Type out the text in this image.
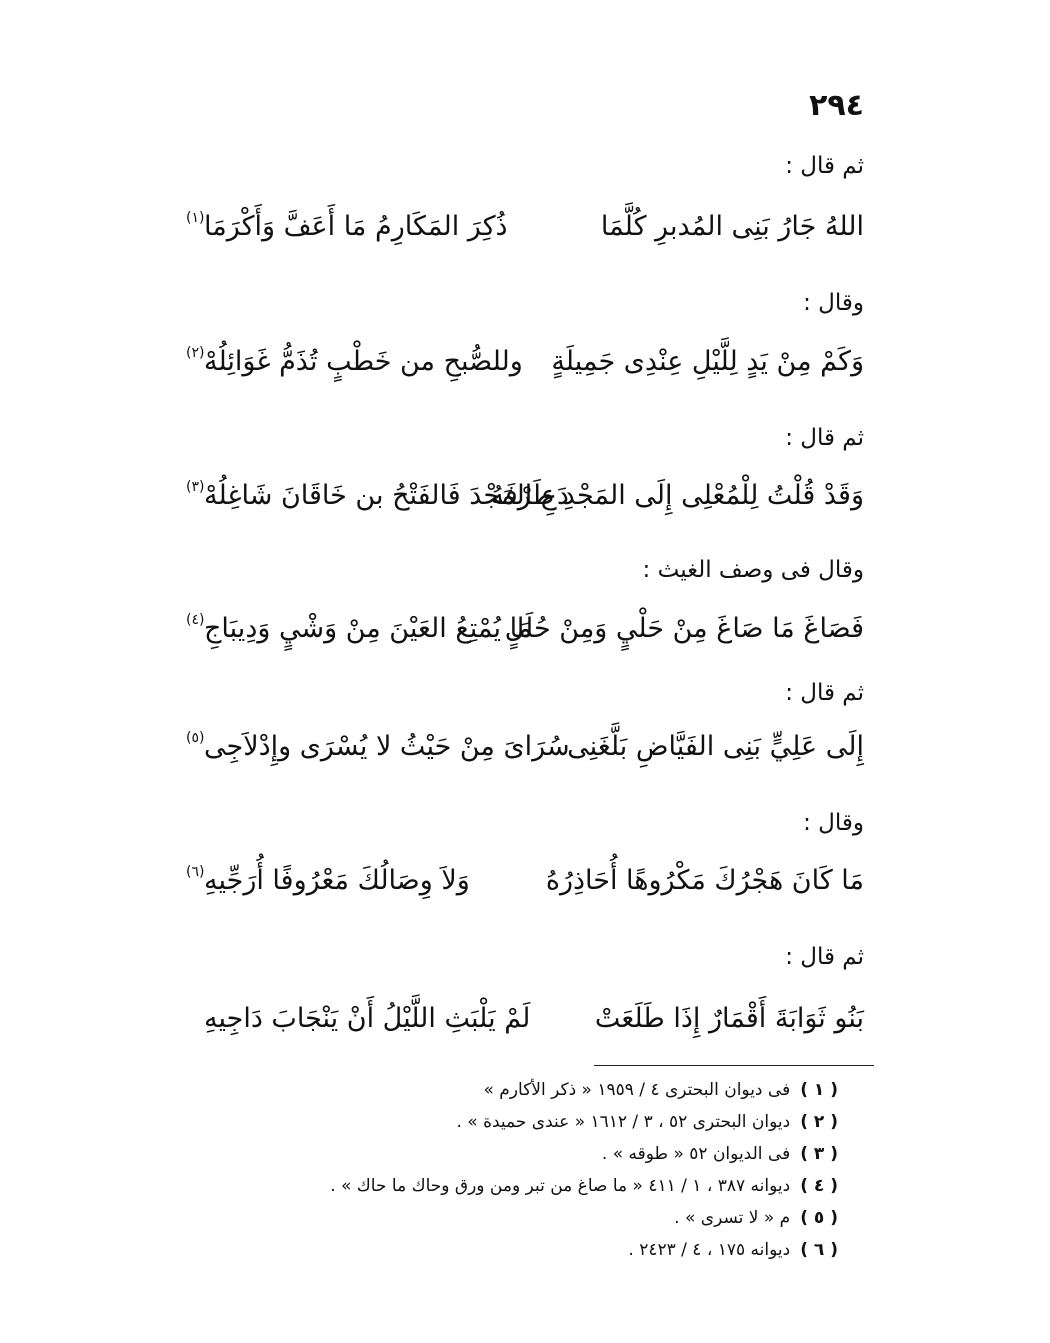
٢٩٤
ثم قال :
اللهُ جَارُ بَنِى المُدبرِ كُلَّمَا
ذُكِرَ المَكَارِمُ مَا أَعَفَّ وَأَكْرَمَا
(١)
وقال :
وَكَمْ مِنْ يَدٍ لِلَّيْلِ عِنْدِى جَمِيلَةٍ
وللصُّبحِ من خَطْبٍ تُذَمُّ غَوَائِلُهْ
(٢)
ثم قال :
وَقَدْ قُلْتُ لِلْمُعْلِى إِلَى المَجْدِ طَرْفَهُ
دَعِ المَجْدَ فَالفَتْحُ بن خَاقَانَ شَاغِلُهْ
(٣)
وقال فى وصف الغيث :
فَصَاغَ مَا صَاغَ مِنْ حَلْيٍ وَمِنْ حُلَلٍ
مَا يُمْتِعُ العَيْنَ مِنْ وَشْيٍ وَدِيبَاجِ
(٤)
ثم قال :
إِلَى عَلِيٍّ بَنِى الفَيَّاضِ بَلَّغَنِى
سُرَاىَ مِنْ حَيْثُ لا يُسْرَى وإِدْلاَجِى
(٥)
وقال :
مَا كَانَ هَجْرُكَ مَكْرُوهًا أُحَاذِرُهُ
وَلاَ وِصَالُكَ مَعْرُوفًا أُرَجِّيهِ
(٦)
ثم قال :
بَنُو ثَوَابَةَ أَقْمَارٌ إِذَا طَلَعَتْ
لَمْ يَلْبَثِ اللَّيْلُ أَنْ يَنْجَابَ دَاجِيهِ
( ١ )
فى ديوان البحترى ٤ / ١٩٥٩ « ذكر الأكارم »
( ٢ )
ديوان البحترى ٥٢ ، ٣ / ١٦١٢ « عندى حميدة » .
( ٣ )
فى الديوان ٥٢ « طوقه » .
( ٤ )
ديوانه ٣٨٧ ، ١ / ٤١١ « ما صاغ من تبر ومن ورق وحاك ما حاك » .
( ٥ )
م « لا تسرى » .
( ٦ )
ديوانه ١٧٥ ، ٤ / ٢٤٢٣ .
